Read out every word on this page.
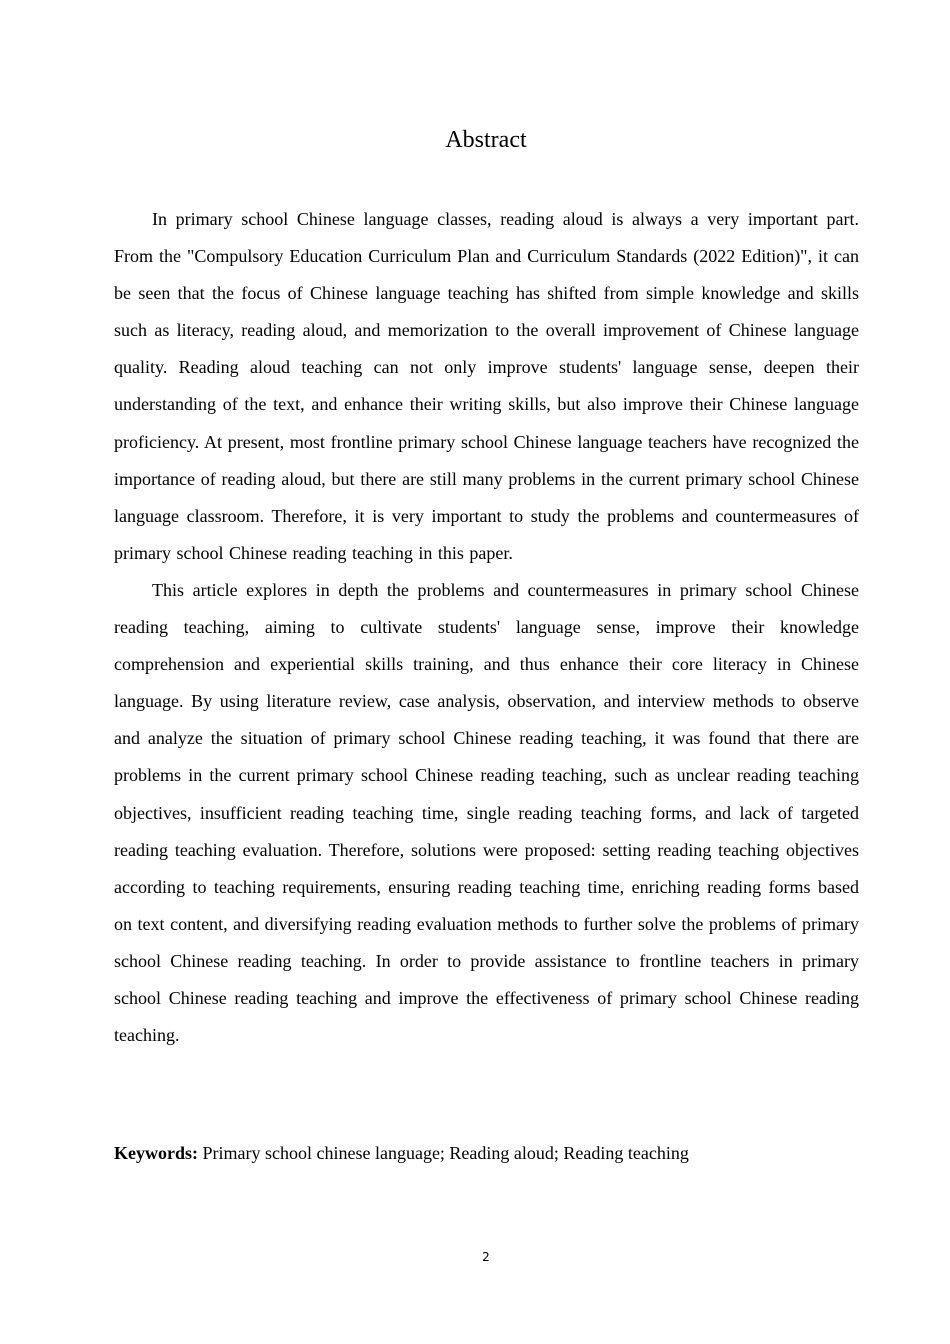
Abstract

In primary school Chinese language classes, reading aloud is always a very important part. From the "Compulsory Education Curriculum Plan and Curriculum Standards (2022 Edition)", it can be seen that the focus of Chinese language teaching has shifted from simple knowledge and skills such as literacy, reading aloud, and memorization to the overall improvement of Chinese language quality. Reading aloud teaching can not only improve students' language sense, deepen their understanding of the text, and enhance their writing skills, but also improve their Chinese language proficiency. At present, most frontline primary school Chinese language teachers have recognized the importance of reading aloud, but there are still many problems in the current primary school Chinese language classroom. Therefore, it is very important to study the problems and countermeasures of primary school Chinese reading teaching in this paper.

This article explores in depth the problems and countermeasures in primary school Chinese reading teaching, aiming to cultivate students' language sense, improve their knowledge comprehension and experiential skills training, and thus enhance their core literacy in Chinese language. By using literature review, case analysis, observation, and interview methods to observe and analyze the situation of primary school Chinese reading teaching, it was found that there are problems in the current primary school Chinese reading teaching, such as unclear reading teaching objectives, insufficient reading teaching time, single reading teaching forms, and lack of targeted reading teaching evaluation. Therefore, solutions were proposed: setting reading teaching objectives according to teaching requirements, ensuring reading teaching time, enriching reading forms based on text content, and diversifying reading evaluation methods to further solve the problems of primary school Chinese reading teaching. In order to provide assistance to frontline teachers in primary school Chinese reading teaching and improve the effectiveness of primary school Chinese reading teaching.

Keywords: Primary school chinese language; Reading aloud; Reading teaching

2
